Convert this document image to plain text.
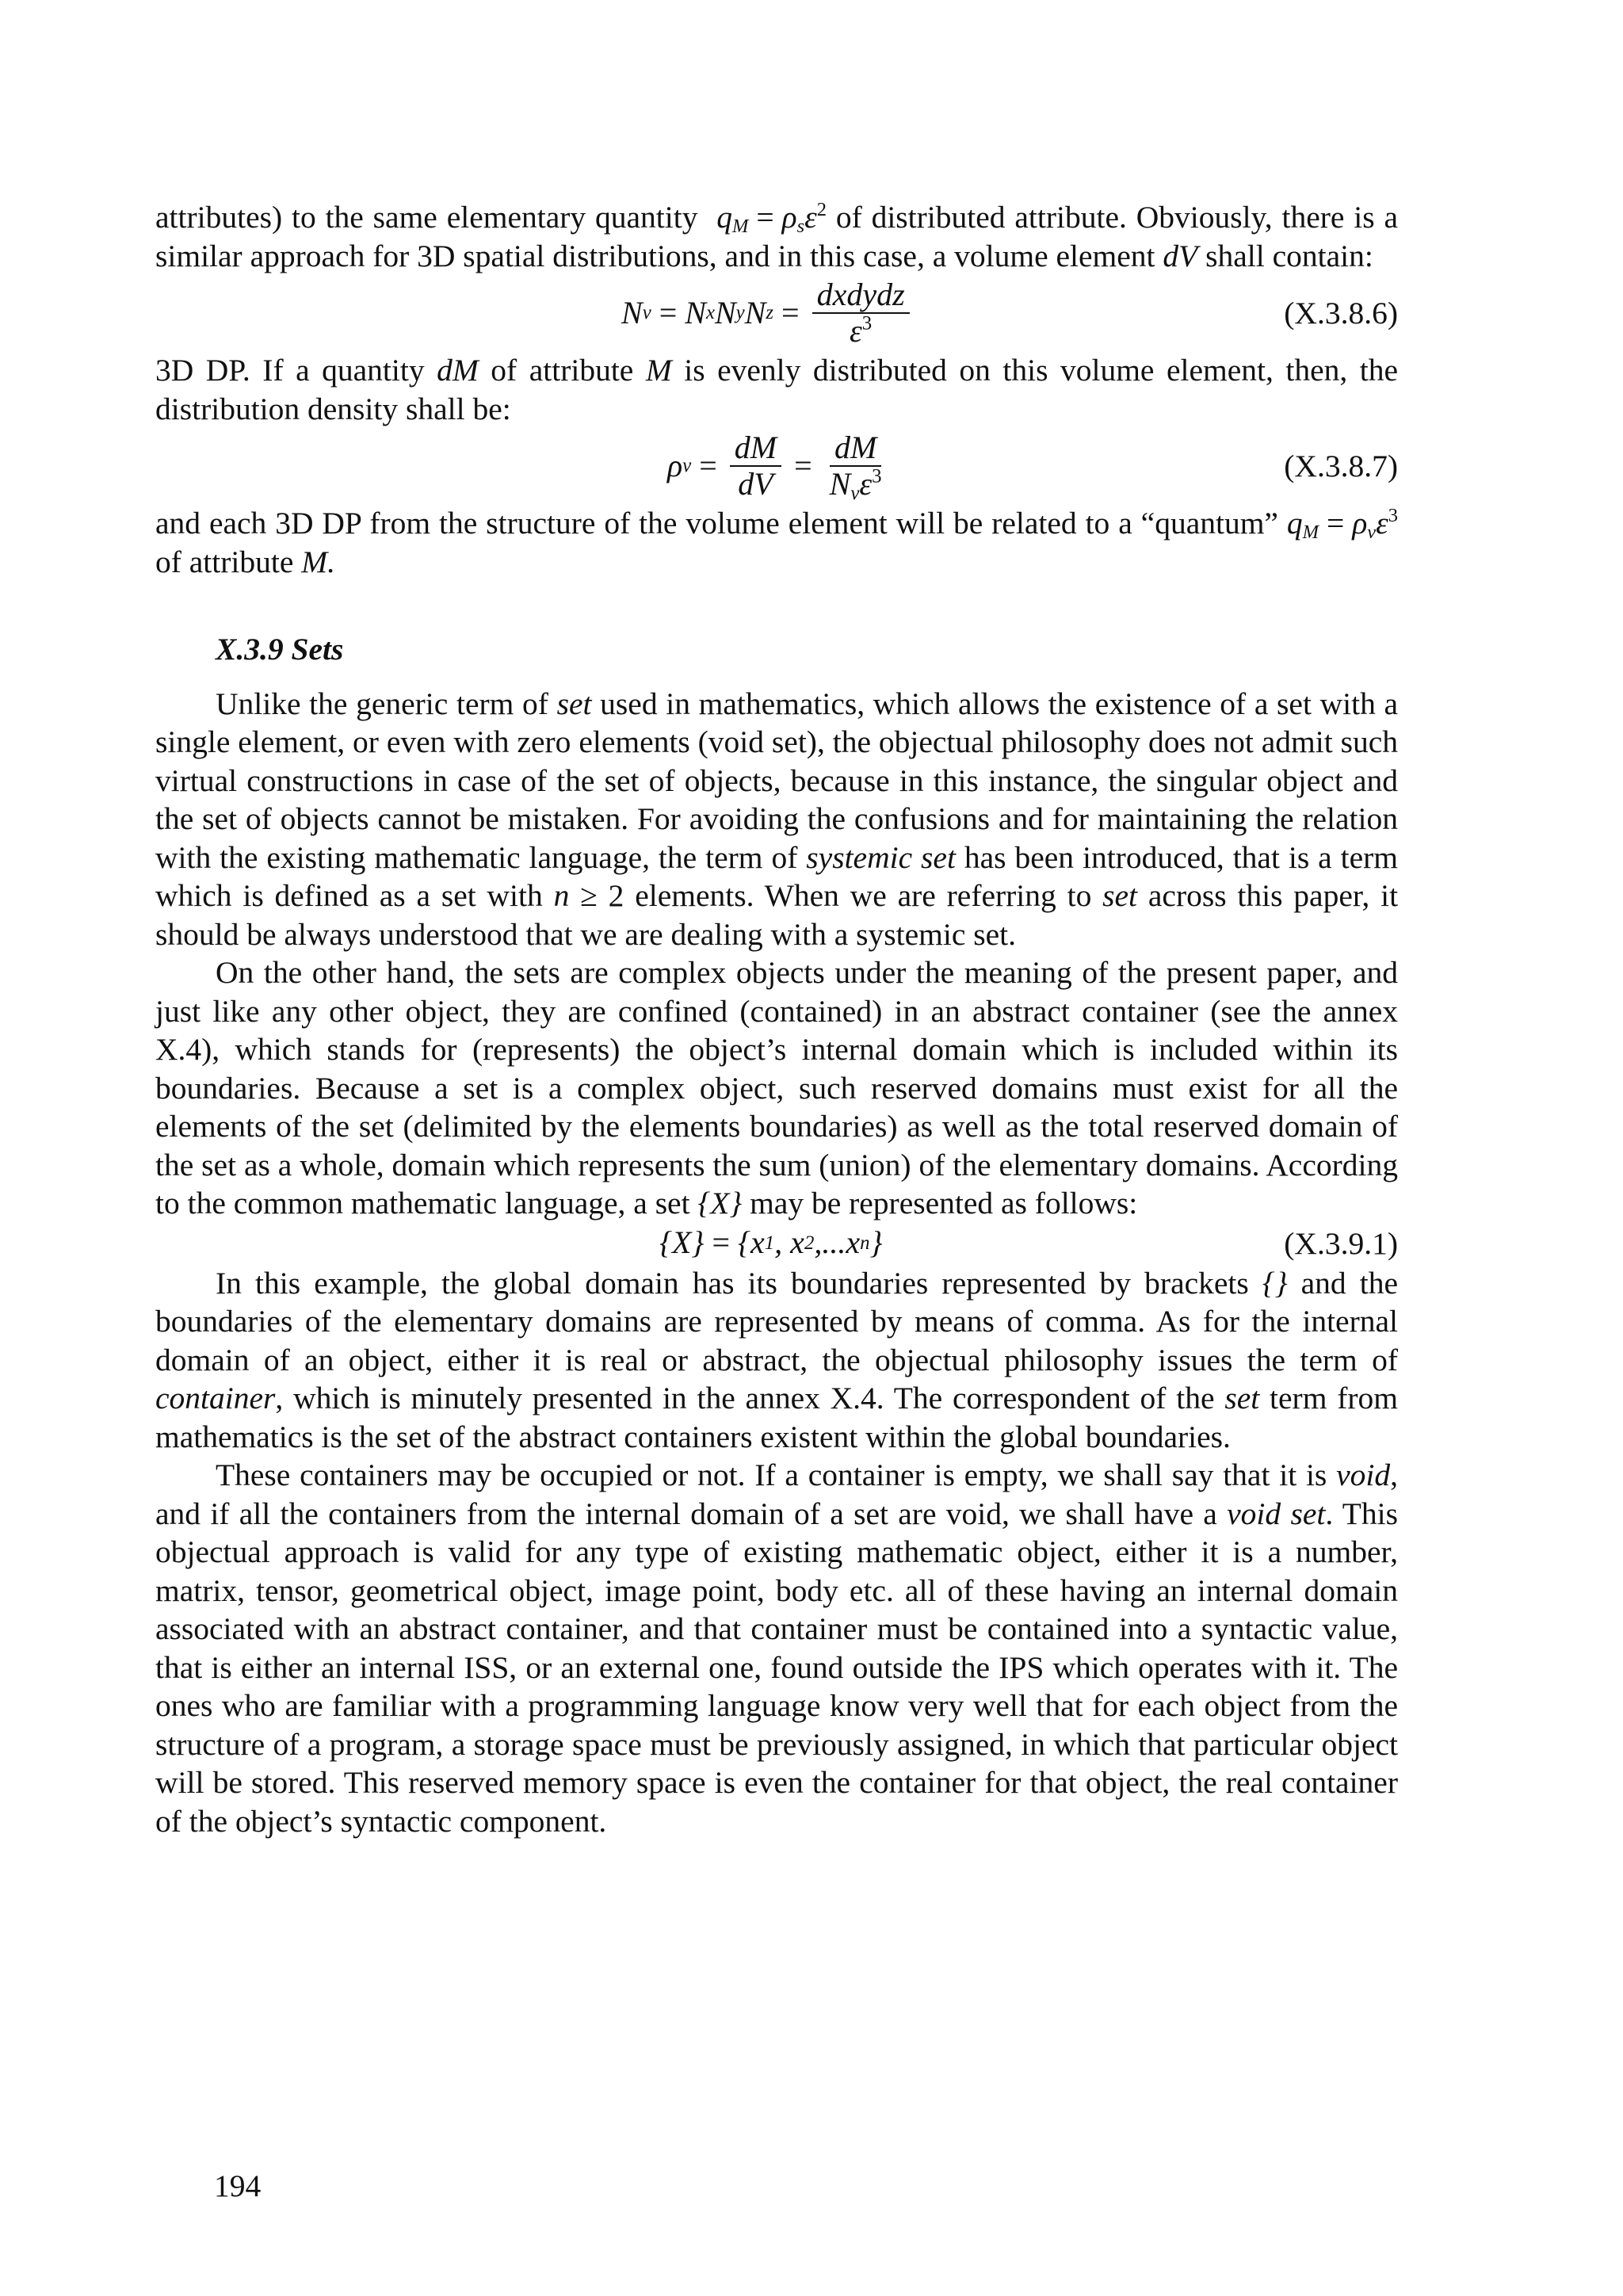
attributes) to the same elementary quantity $q_M = \rho_s\varepsilon^2$ of distributed attribute. Obviously, there is a similar approach for 3D spatial distributions, and in this case, a volume element dV shall contain:

N v = N x N y N $z = \frac{\text{dxdydz}}{\varepsilon^3}$	(X.3.8.6)

3D DP. If a quantity dM of attribute M is evenly distributed on this volume element, then, the distribution density shall be:

ρ $v = \frac{dM}{dV} = \frac{dM}{N_v\varepsilon^3}$	(X.3.8.7)

and each 3D DP from the structure of the volume element will be related to a “quantum” $q_M = \rho_v\varepsilon^3$ of attribute M.

X.3.9 Sets

Unlike the generic term of set used in mathematics, which allows the existence of a set with a single element, or even with zero elements (void set), the objectual philosophy does not admit such virtual constructions in case of the set of objects, because in this instance, the singular object and the set of objects cannot be mistaken. For avoiding the confusions and for maintaining the relation with the existing mathematic language, the term of systemic set has been introduced, that is a term which is defined as a set with n ≥ 2 elements. When we are referring to set across this paper, it should be always understood that we are dealing with a systemic set.

On the other hand, the sets are complex objects under the meaning of the present paper, and just like any other object, they are confined (contained) in an abstract container (see the annex X.4), which stands for (represents) the object’s internal domain which is included within its boundaries. Because a set is a complex object, such reserved domains must exist for all the elements of the set (delimited by the elements boundaries) as well as the total reserved domain of the set as a whole, domain which represents the sum (union) of the elementary domains. According to the common mathematic language, a set {X} may be represented as follows:

{X} = { x 1 , x 2 , ... x n }	(X.3.9.1)

In this example, the global domain has its boundaries represented by brackets {} and the boundaries of the elementary domains are represented by means of comma. As for the internal domain of an object, either it is real or abstract, the objectual philosophy issues the term of container, which is minutely presented in the annex X.4. The correspondent of the set term from mathematics is the set of the abstract containers existent within the global boundaries.

These containers may be occupied or not. If a container is empty, we shall say that it is void, and if all the containers from the internal domain of a set are void, we shall have a void set. This objectual approach is valid for any type of existing mathematic object, either it is a number, matrix, tensor, geometrical object, image point, body etc. all of these having an internal domain associated with an abstract container, and that container must be contained into a syntactic value, that is either an internal ISS, or an external one, found outside the IPS which operates with it. The ones who are familiar with a programming language know very well that for each object from the structure of a program, a storage space must be previously assigned, in which that particular object will be stored. This reserved memory space is even the container for that object, the real container of the object’s syntactic component.

194
